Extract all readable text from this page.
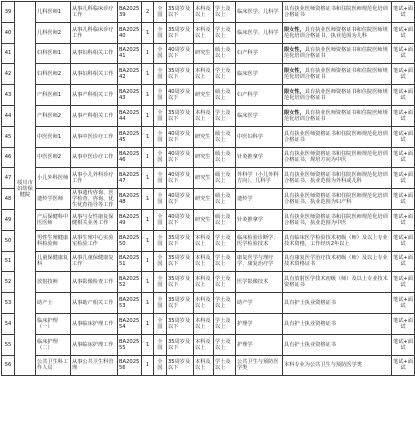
39	绥川市妇幼保健院	儿科医师1	从事儿科临床诊疗工作	BA202539	2	全国	35周岁及以下	本科及以上	学士及以上	临床医学、儿科学	具有执业医师资格证书和住院医师规范化培训合格证书	笔试+面试
40		儿科医师2	从事儿科临床诊疗工作	BA202540	1	全国	35周岁及以下	本科及以上	学士及以上	临床医学、儿科学	限女性，具有执业医师资格证书和住院医师规范化培训合格证书，执业范围为儿科	笔试+面试
41		妇科医师1	从事妇科相关工作	BA202541	1	全国	40周岁及以下	研究生	硕士及以上	妇产科学	限女性，具有执业医师资格证书和住院医师规范化培训合格证书	笔试+面试
42		妇科医师2	从事妇科相关工作	BA202542	1	全国	35周岁及以下	本科及以上	学士及以上	临床医学	限女性，具有执业医师资格证书和住院医师规范化培训合格证书	笔试+面试
43		产科医师1	从事产科相关工作	BA202543	1	全国	40周岁及以下	研究生	硕士及以上	妇产科学	限女性，具有执业医师资格证书和住院医师规范化培训合格证书	笔试+面试
44		产科医师2	从事产科相关工作	BA202544	1	全国	35周岁及以下	本科及以上	学士及以上	临床医学	限女性，具有执业医师资格证书和住院医师规范化培训合格证书	笔试+面试
45		中医医师1	从事中医诊疗工作	BA202545	1	全国	40周岁及以下	研究生	硕士及以上	中医妇科学	具有执业医师资格证书和住院医师规范化培训合格证书	笔试+面试
46		中医医师2	从事中医诊疗工作	BA202546	1	全国	40周岁及以下	研究生	硕士及以上	针灸推拿学	具有执业医师资格证书和住院医师规范化培训合格证书，规培方向为中医	笔试+面试
47		小儿外科医师	从事小儿外科诊疗工作	BA202547	1	全国	40周岁及以下	研究生	硕士及以上	外科学（小儿外科方向）、儿科学	具有执业医师资格证书和住院医师规范化培训合格证书，执业范围为外科或儿科	笔试+面试
48		遗传学医师	从事遗传咨询、医学检查、咨询、优生优育指导等工作	BA202548	1	全国	40周岁及以下	研究生	硕士及以上	遗传学	具有执业医师资格证书和住院医师规范化培训合格证书，执业范围为妇产科	笔试+面试
49		产后保健科中医医师	从事与女性康复保健相关业务工作	BA202549	1	全国	40周岁及以下	研究生	硕士及以上	针灸推拿学	具有执业医师资格证书和住院医师规范化培训合格证书，执业范围为中医	笔试+面试
50		男性生殖健康科检验师	从事生殖中心实验室检验工作	BA202550	1	全国	35周岁及以下	本科及以上	学士及以上	临床检验诊断学、医学检验技术	具有临床医学检验技术初级（师）及以上专业技术资格，工作经历2年以上	笔试+面试
51		儿童保健康复科	从事儿童保健康复工作	BA202551	1	全国	35周岁及以下	本科及以上	学士及以上	康复医学与理疗学、康复治疗学	具有康复医学治疗技术初级（师）及以上专业技术资格证书	笔试+面试
52		放射技师	从事影像检查工作	BA202552	1	全国	35周岁及以下	本科及以上	学士及以上	医学影像技术	具有放射医学技术初级（师）及以上专业技术资格证书	笔试+面试
53		助产士	从事助产相关工作	BA202553	1	全国	35周岁及以下	本科及以上	学士及以上	助产学	具有护士执业资格证书	笔试+面试
54		临床护理（一）	从事临床护理工作	BA202554	1	全国	35周岁及以下	本科及以上	学士及以上	护理学	具有护士执业资格证书	笔试+面试
55		临床护理（二）	从事临床护理工作	BA202555	1	全国	35周岁及以下	本科及以上	学士及以上	护理学	具有护士执业资格证书	笔试+面试
56		公共卫生科工作人员	从事公共卫生科管理	BA202556	1	全国	35周岁及以下	本科及以上	学士及以上	公共卫生与预防医学类	本科专业为公共卫生与预防医学类	笔试+面试
